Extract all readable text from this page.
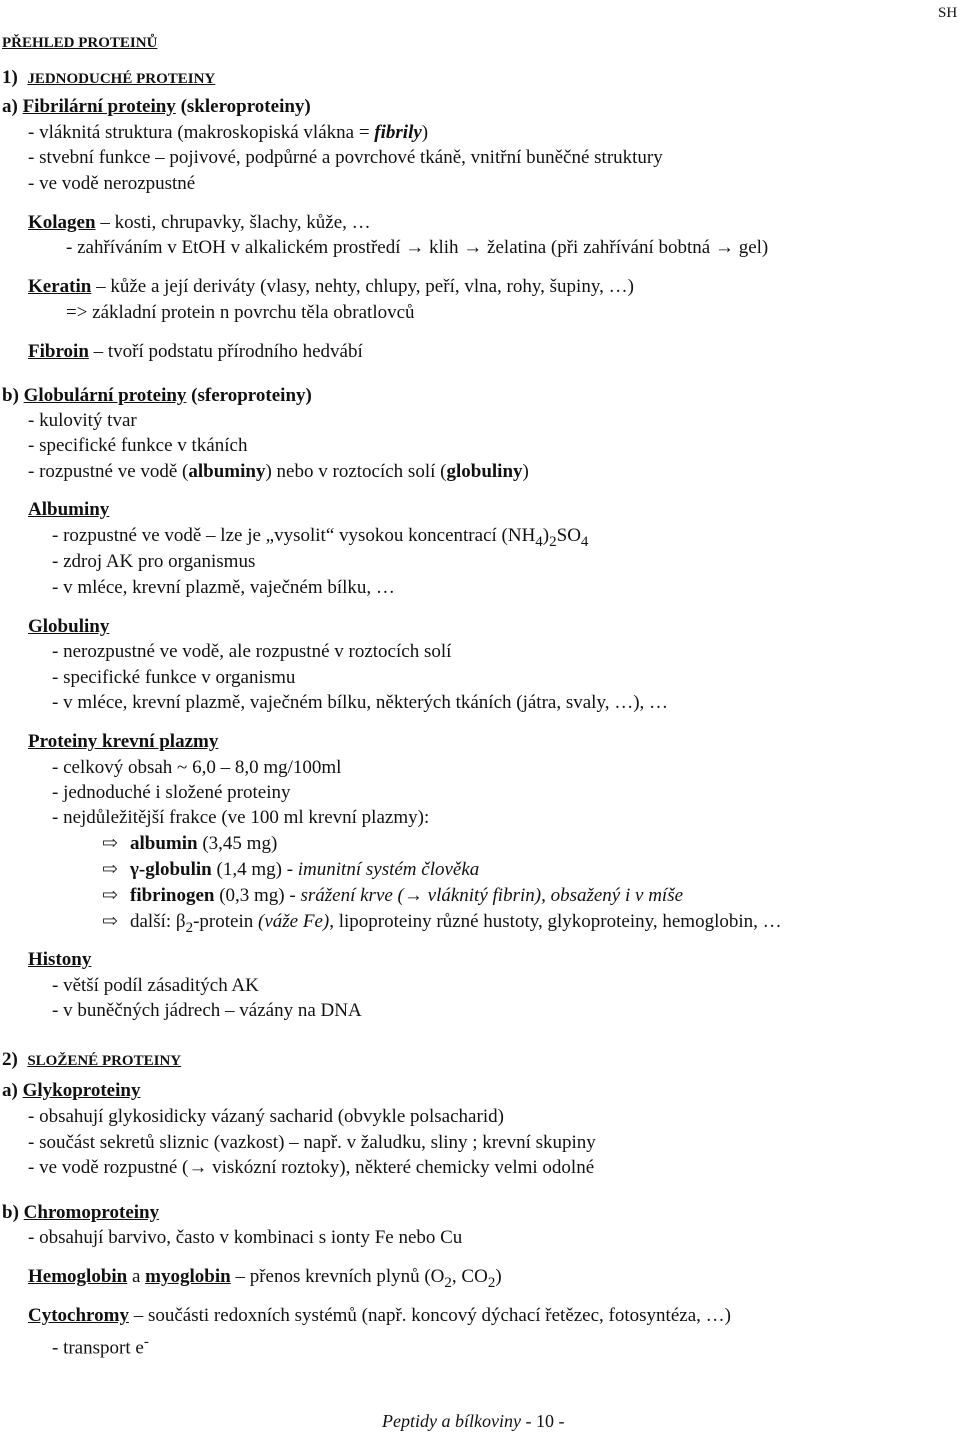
SH
PŘEHLED PROTEINŮ
1) JEDNODUCHÉ PROTEINY
a) Fibrilární proteiny (skleroproteiny)
- vláknitá struktura (makroskopiská vlákna = fibrily)
- stvební funkce – pojivové, podpůrné a povrchové tkáně, vnitřní buněčné struktury
- ve vodě nerozpustné
Kolagen – kosti, chrupavky, šlachy, kůže, …
- zahříváním v EtOH v alkalickém prostředí → klih → želatina (při zahřívání bobtná → gel)
Keratin – kůže a její deriváty (vlasy, nehty, chlupy, peří, vlna, rohy, šupiny, …)
=> základní protein n povrchu těla obratlovců
Fibroin – tvoří podstatu přírodního hedvábí
b) Globulární proteiny (sferoproteiny)
- kulovitý tvar
- specifické funkce v tkáních
- rozpustné ve vodě (albuminy) nebo v roztocích solí (globuliny)
Albuminy
- rozpustné ve vodě – lze je „vysolit“ vysokou koncentrací $(NH_4)_2SO_4$
- zdroj AK pro organismus
- v mléce, krevní plazmě, vaječném bílku, …
Globuliny
- nerozpustné ve vodě, ale rozpustné v roztocích solí
- specifické funkce v organismu
- v mléce, krevní plazmě, vaječném bílku, některých tkáních (játra, svaly, …), …
Proteiny krevní plazmy
- celkový obsah ~ 6,0 – 8,0 mg/100ml
- jednoduché i složené proteiny
- nejdůležitější frakce (ve 100 ml krevní plazmy):
⇨ albumin (3,45 mg)
⇨ γ-globulin (1,4 mg) - imunitní systém člověka
⇨ fibrinogen (0,3 mg) - srážení krve (→ vláknitý fibrin), obsažený i v míše
⇨ další: $\beta_2$-protein (váže Fe), lipoproteiny různé hustoty, glykoproteiny, hemoglobin, …
Histony
- větší podíl zásaditých AK
- v buněčných jádrech – vázány na DNA
2) SLOŽENÉ PROTEINY
a) Glykoproteiny
- obsahují glykosidicky vázaný sacharid (obvykle polsacharid)
- součást sekretů sliznic (vazkost) – např. v žaludku, sliny ; krevní skupiny
- ve vodě rozpustné (→ viskózní roztoky), některé chemicky velmi odolné
b) Chromoproteiny
- obsahují barvivo, často v kombinaci s ionty Fe nebo Cu
Hemoglobin a myoglobin – přenos krevních plynů ($O_2$, $CO_2$)
Cytochromy – součásti redoxních systémů (např. koncový dýchací řetězec, fotosyntéza, …)
- transport e-
Peptidy a bílkoviny - 10 -
